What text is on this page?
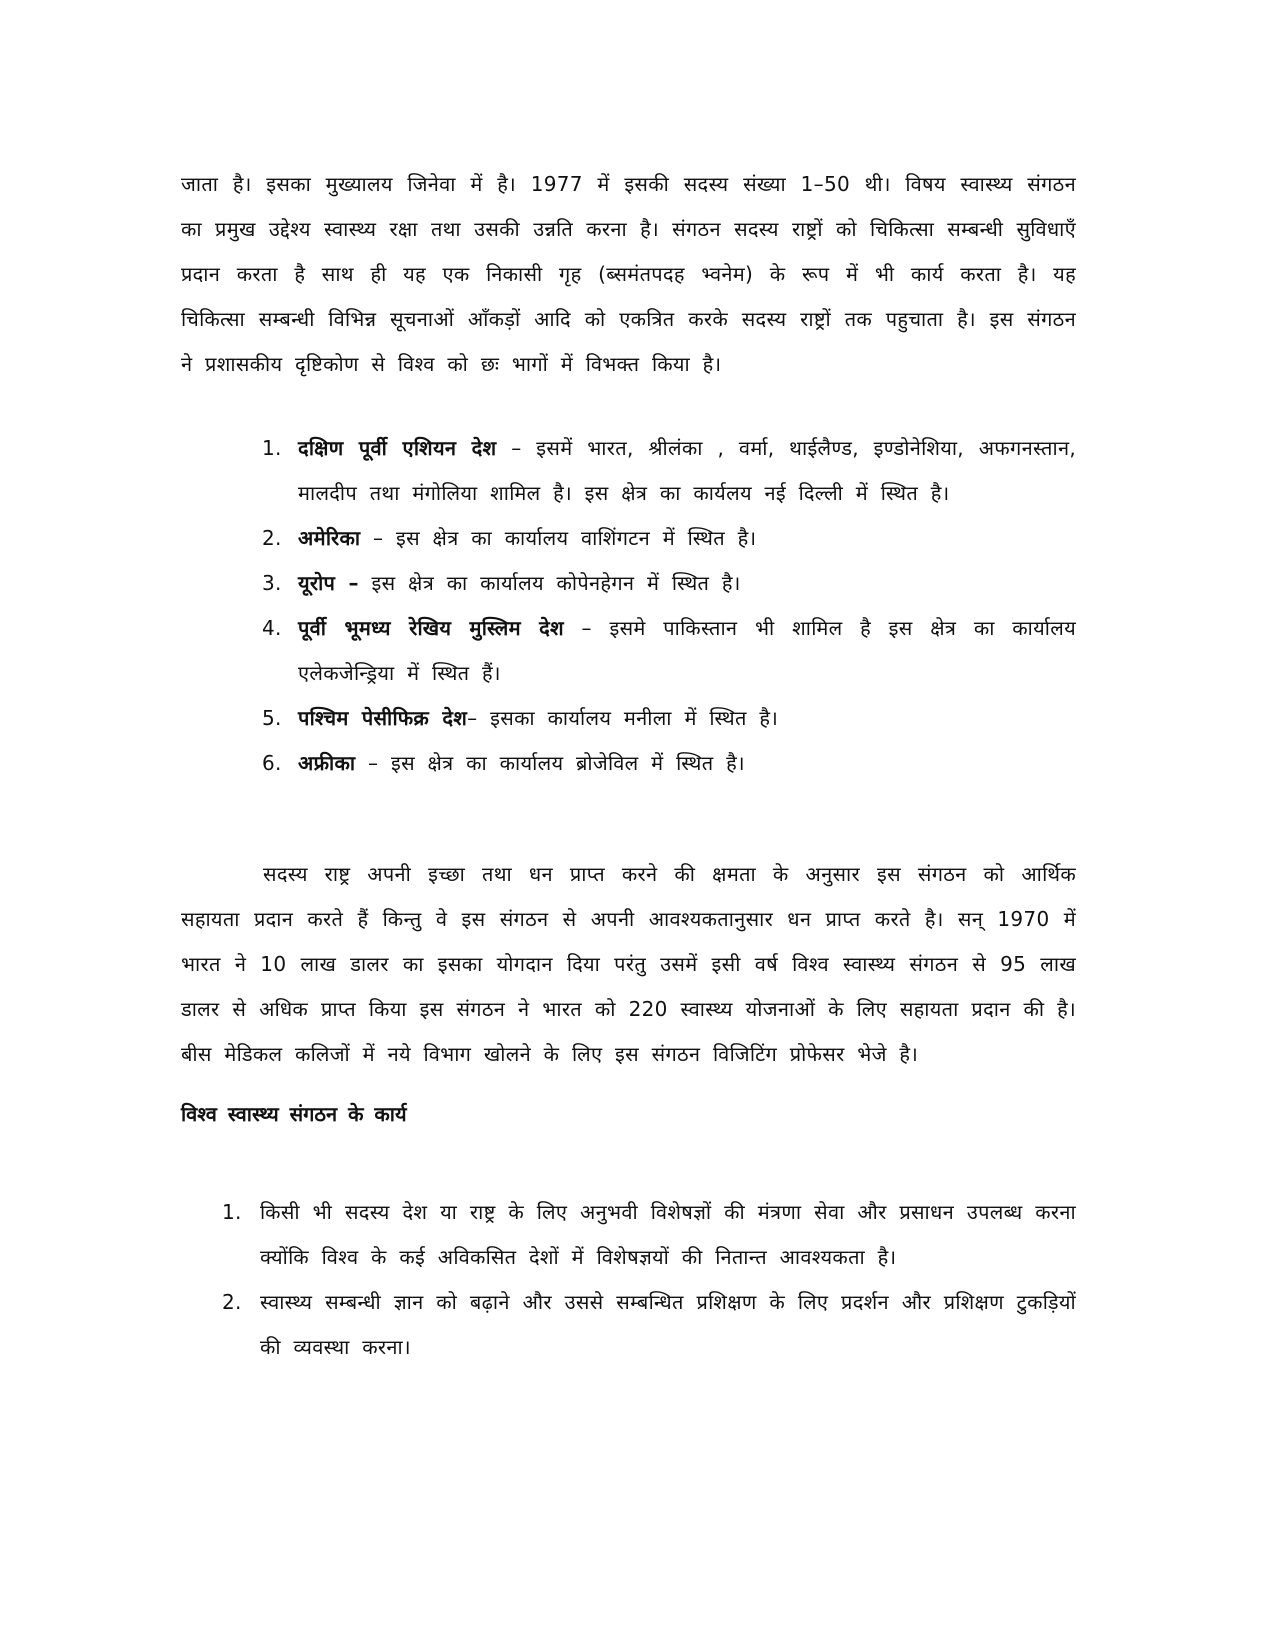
जाता है। इसका मुख्यालय जिनेवा में है। 1977 में इसकी सदस्य संख्या 1–50 थी। विषय स्वास्थ्य संगठन का प्रमुख उद्देश्य स्वास्थ्य रक्षा तथा उसकी उन्नति करना है। संगठन सदस्य राष्ट्रों को चिकित्सा सम्बन्धी सुविधाएँ प्रदान करता है साथ ही यह एक निकासी गृह (ब्समंतपदह भ्वनेम) के रूप में भी कार्य करता है। यह चिकित्सा सम्बन्धी विभिन्न सूचनाओं आँकड़ों आदि को एकत्रित करके सदस्य राष्ट्रों तक पहुचाता है। इस संगठन ने प्रशासकीय दृष्टिकोण से विश्व को छः भागों में विभक्त किया है।

1. दक्षिण पूर्वी एशियन देश – इसमें भारत, श्रीलंका , वर्मा, थाईलैण्ड, इण्डोनेशिया, अफगनस्तान, मालदीप तथा मंगोलिया शामिल है। इस क्षेत्र का कार्यलय नई दिल्ली में स्थित है।
2. अमेरिका – इस क्षेत्र का कार्यालय वाशिंगटन में स्थित है।
3. यूरोप – इस क्षेत्र का कार्यालय कोपेनहेगन में स्थित है।
4. पूर्वी भूमध्य रेखिय मुस्लिम देश – इसमे पाकिस्तान भी शामिल है इस क्षेत्र का कार्यालय एलेकजेन्ड्रिया में स्थित हैं।
5. पश्चिम पेसीफिक्र देश– इसका कार्यालय मनीला में स्थित है।
6. अफ्रीका – इस क्षेत्र का कार्यालय ब्रोजेविल में स्थित है।

सदस्य राष्ट्र अपनी इच्छा तथा धन प्राप्त करने की क्षमता के अनुसार इस संगठन को आर्थिक सहायता प्रदान करते हैं किन्तु वे इस संगठन से अपनी आवश्यकतानुसार धन प्राप्त करते है। सन् 1970 में भारत ने 10 लाख डालर का इसका योगदान दिया परंतु उसमें इसी वर्ष विश्व स्वास्थ्य संगठन से 95 लाख डालर से अधिक प्राप्त किया इस संगठन ने भारत को 220 स्वास्थ्य योजनाओं के लिए सहायता प्रदान की है। बीस मेडिकल कलिजों में नये विभाग खोलने के लिए इस संगठन विजिटिंग प्रोफेसर भेजे है।

विश्व स्वास्थ्य संगठन के कार्य
1. किसी भी सदस्य देश या राष्ट्र के लिए अनुभवी विशेषज्ञों की मंत्रणा सेवा और प्रसाधन उपलब्ध करना क्योंकि विश्व के कई अविकसित देशों में विशेषज्ञयों की नितान्त आवश्यकता है।
2. स्वास्थ्य सम्बन्धी ज्ञान को बढ़ाने और उससे सम्बन्धित प्रशिक्षण के लिए प्रदर्शन और प्रशिक्षण टुकड़ियों की व्यवस्था करना।
